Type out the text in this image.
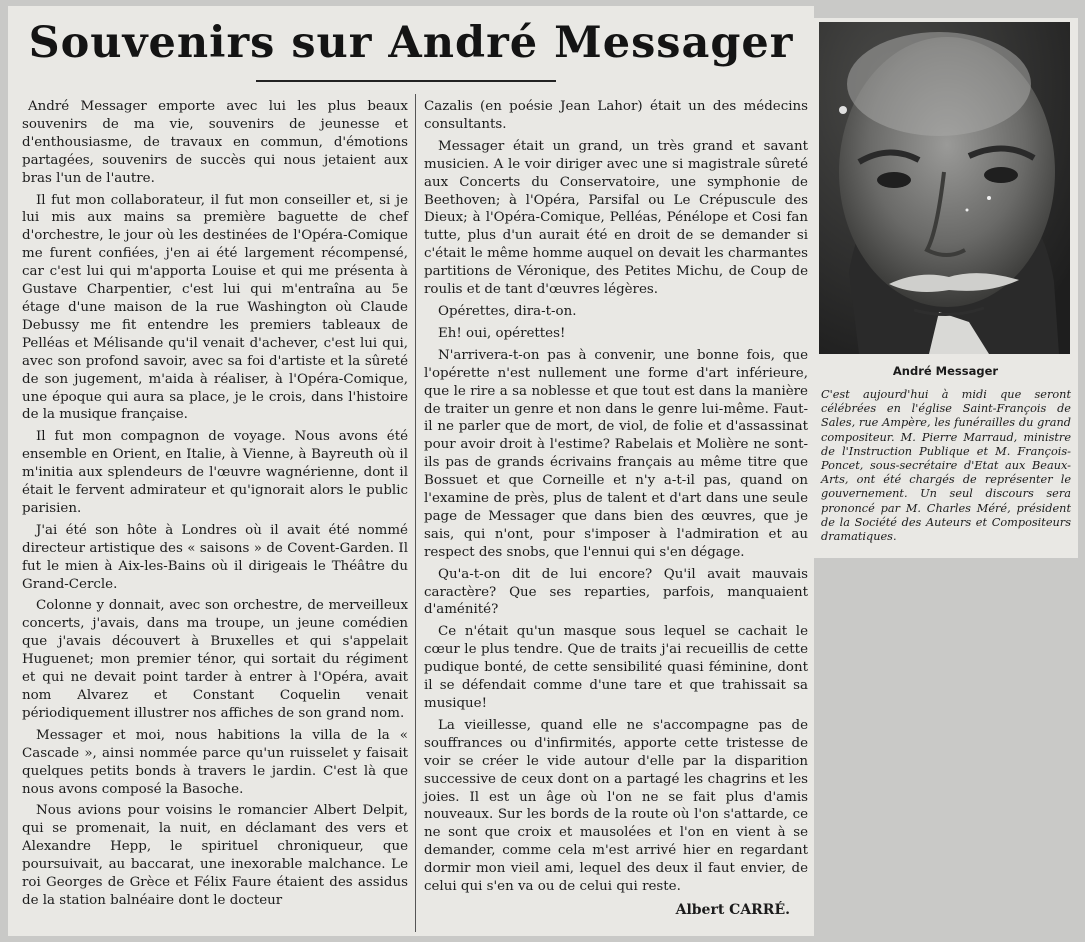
Souvenirs sur André Messager

André Messager emporte avec lui les plus beaux souvenirs de ma vie, souvenirs de jeunesse et d'enthousiasme, de travaux en commun, d'émotions partagées, souvenirs de succès qui nous jetaient aux bras l'un de l'autre.

Il fut mon collaborateur, il fut mon conseiller et, si je lui mis aux mains sa première baguette de chef d'orchestre, le jour où les destinées de l'Opéra-Comique me furent confiées, j'en ai été largement récompensé, car c'est lui qui m'apporta Louise et qui me présenta à Gustave Charpentier, c'est lui qui m'entraîna au 5e étage d'une maison de la rue Washington où Claude Debussy me fit entendre les premiers tableaux de Pelléas et Mélisande qu'il venait d'achever, c'est lui qui, avec son profond savoir, avec sa foi d'artiste et la sûreté de son jugement, m'aida à réaliser, à l'Opéra-Comique, une époque qui aura sa place, je le crois, dans l'histoire de la musique française.

Il fut mon compagnon de voyage. Nous avons été ensemble en Orient, en Italie, à Vienne, à Bayreuth où il m'initia aux splendeurs de l'œuvre wagnérienne, dont il était le fervent admirateur et qu'ignorait alors le public parisien.

J'ai été son hôte à Londres où il avait été nommé directeur artistique des « saisons » de Covent-Garden. Il fut le mien à Aix-les-Bains où il dirigeais le Théâtre du Grand-Cercle.

Colonne y donnait, avec son orchestre, de merveilleux concerts, j'avais, dans ma troupe, un jeune comédien que j'avais découvert à Bruxelles et qui s'appelait Huguenet; mon premier ténor, qui sortait du régiment et qui ne devait point tarder à entrer à l'Opéra, avait nom Alvarez et Constant Coquelin venait périodiquement illustrer nos affiches de son grand nom.

Messager et moi, nous habitions la villa de la « Cascade », ainsi nommée parce qu'un ruisselet y faisait quelques petits bonds à travers le jardin. C'est là que nous avons composé la Basoche.

Nous avions pour voisins le romancier Albert Delpit, qui se promenait, la nuit, en déclamant des vers et Alexandre Hepp, le spirituel chroniqueur, que poursuivait, au baccarat, une inexorable malchance. Le roi Georges de Grèce et Félix Faure étaient des assidus de la station balnéaire dont le docteur

Cazalis (en poésie Jean Lahor) était un des médecins consultants.

Messager était un grand, un très grand et savant musicien. A le voir diriger avec une si magistrale sûreté aux Concerts du Conservatoire, une symphonie de Beethoven; à l'Opéra, Parsifal ou Le Crépuscule des Dieux; à l'Opéra-Comique, Pelléas, Pénélope et Cosi fan tutte, plus d'un aurait été en droit de se demander si c'était le même homme auquel on devait les charmantes partitions de Véronique, des Petites Michu, de Coup de roulis et de tant d'œuvres légères.

Opérettes, dira-t-on.

Eh! oui, opérettes!

N'arrivera-t-on pas à convenir, une bonne fois, que l'opérette n'est nullement une forme d'art inférieure, que le rire a sa noblesse et que tout est dans la manière de traiter un genre et non dans le genre lui-même. Faut-il ne parler que de mort, de viol, de folie et d'assassinat pour avoir droit à l'estime? Rabelais et Molière ne sont-ils pas de grands écrivains français au même titre que Bossuet et que Corneille et n'y a-t-il pas, quand on l'examine de près, plus de talent et d'art dans une seule page de Messager que dans bien des œuvres, que je sais, qui n'ont, pour s'imposer à l'admiration et au respect des snobs, que l'ennui qui s'en dégage.

Qu'a-t-on dit de lui encore? Qu'il avait mauvais caractère? Que ses reparties, parfois, manquaient d'aménité?

Ce n'était qu'un masque sous lequel se cachait le cœur le plus tendre. Que de traits j'ai recueillis de cette pudique bonté, de cette sensibilité quasi féminine, dont il se défendait comme d'une tare et que trahissait sa musique!

La vieillesse, quand elle ne s'accompagne pas de souffrances ou d'infirmités, apporte cette tristesse de voir se créer le vide autour d'elle par la disparition successive de ceux dont on a partagé les chagrins et les joies. Il est un âge où l'on ne se fait plus d'amis nouveaux. Sur les bords de la route où l'on s'attarde, ce ne sont que croix et mausolées et l'on en vient à se demander, comme cela m'est arrivé hier en regardant dormir mon vieil ami, lequel des deux il faut envier, de celui qui s'en va ou de celui qui reste.

Albert CARRÉ.
André Messager
C'est aujourd'hui à midi que seront célébrées en l'église Saint-François de Sales, rue Ampère, les funérailles du grand compositeur. M. Pierre Marraud, ministre de l'Instruction Publique et M. François-Poncet, sous-secrétaire d'Etat aux Beaux-Arts, ont été chargés de représenter le gouvernement. Un seul discours sera prononcé par M. Charles Méré, président de la Société des Auteurs et Compositeurs dramatiques.
